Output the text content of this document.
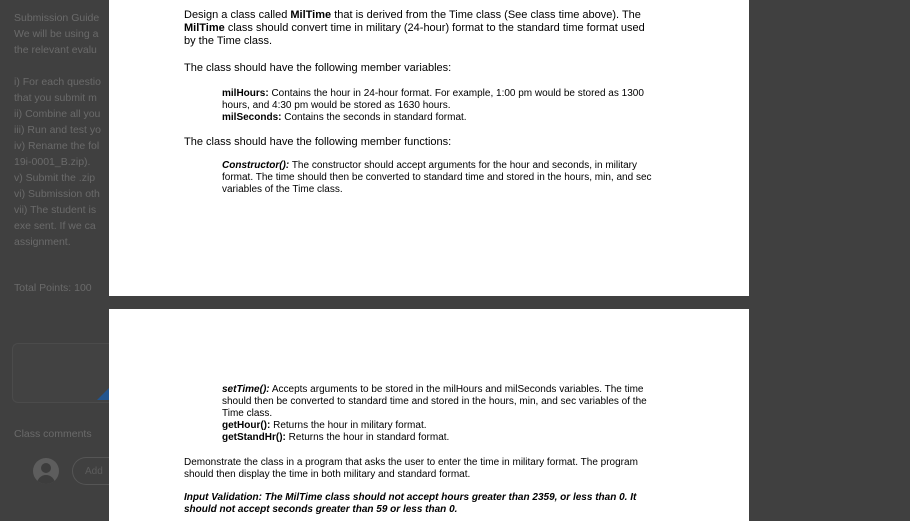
Submission Guide
We will be using a
the relevant evalu
i) For each questio
that you submit m
ii) Combine all you
iii) Run and test yo
iv) Rename the fol
19i-0001_B.zip).
v) Submit the .zip
vi) Submission oth
vii) The student is
exe sent. If we ca
assignment.
Total Points: 100
Class comments
Add

Design a class called MilTime that is derived from the Time class (See class time above). The
MilTime class should convert time in military (24-hour) format to the standard time format used
by the Time class.

The class should have the following member variables:

milHours: Contains the hour in 24-hour format. For example, 1:00 pm would be stored as 1300
hours, and 4:30 pm would be stored as 1630 hours.
milSeconds: Contains the seconds in standard format.

The class should have the following member functions:

Constructor(): The constructor should accept arguments for the hour and seconds, in military
format. The time should then be converted to standard time and stored in the hours, min, and sec
variables of the Time class.

setTime(): Accepts arguments to be stored in the milHours and milSeconds variables. The time
should then be converted to standard time and stored in the hours, min, and sec variables of the
Time class.
getHour(): Returns the hour in military format.
getStandHr(): Returns the hour in standard format.

Demonstrate the class in a program that asks the user to enter the time in military format. The program
should then display the time in both military and standard format.

Input Validation: The MilTime class should not accept hours greater than 2359, or less than 0. It
should not accept seconds greater than 59 or less than 0.
